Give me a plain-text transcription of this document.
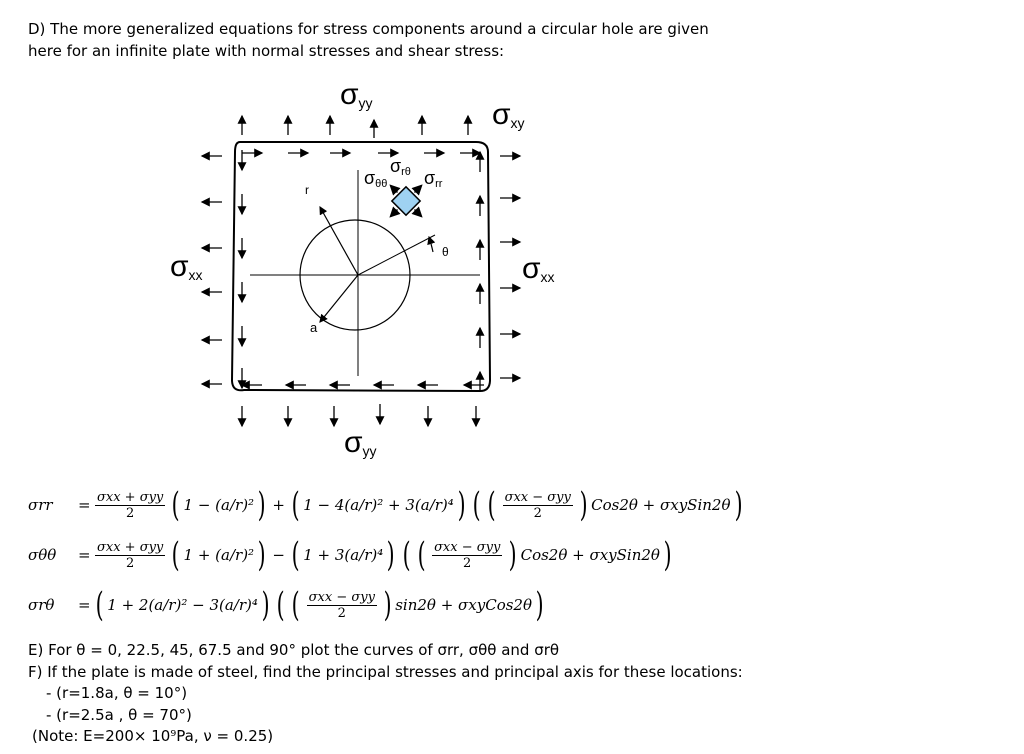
D) The more generalized equations for stress components around a circular hole are given
here for an infinite plate with normal stresses and shear stress:
σyy	σxy
σxx	σxx
σyy
σθθ
σrθ σrr
r
a
θ
σrr	= $\frac{\text{σxx + σyy}}{2}$ ( 1 − (a/r)² ) + ( 1 − 4(a/r)² + 3(a/r)⁴ ) ( ( $\frac{\text{σxx − σyy}}{2}$ ) Cos2θ + σxySin2θ )
σθθ	= $\frac{\text{σxx + σyy}}{2}$ ( 1 + (a/r)² ) − ( 1 + 3(a/r)⁴ ) ( ( $\frac{\text{σxx − σyy}}{2}$ ) Cos2θ + σxySin2θ )
σrθ	= ( 1 + 2(a/r)² − 3(a/r)⁴ ) ( ( $\frac{\text{σxx − σyy}}{2}$ ) sin2θ + σxyCos2θ )
E) For θ = 0, 22.5, 45, 67.5 and 90° plot the curves of σrr, σθθ and σrθ
F) If the plate is made of steel, find the principal stresses and principal axis for these locations:
- (r=1.8a, θ = 10°)
- (r=2.5a , θ = 70°)
(Note: E=200× 10⁹Pa, ν = 0.25)
